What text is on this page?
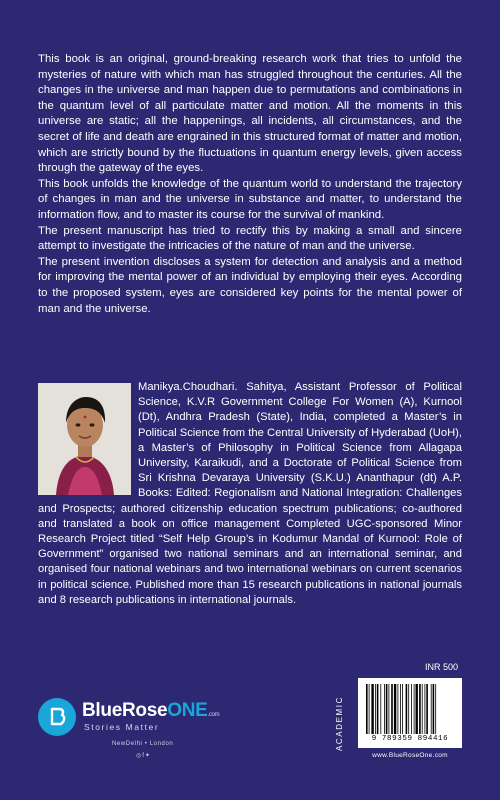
This book is an original, ground-breaking research work that tries to unfold the mysteries of nature with which man has struggled throughout the centuries. All the changes in the universe and man happen due to permutations and combinations in the quantum level of all particulate matter and motion. All the moments in this universe are static; all the happenings, all incidents, all circumstances, and the secret of life and death are engrained in this structured format of matter and motion, which are strictly bound by the fluctuations in quantum energy levels, given access through the gateway of the eyes.

This book unfolds the knowledge of the quantum world to understand the trajectory of changes in man and the universe in substance and matter, to understand the information flow, and to master its course for the survival of mankind.

The present manuscript has tried to rectify this by making a small and sincere attempt to investigate the intricacies of the nature of man and the universe.

The present invention discloses a system for detection and analysis and a method for improving the mental power of an individual by employing their eyes. According to the proposed system, eyes are considered key points for the mental power of man and the universe.

Manikya.Choudhari. Sahitya, Assistant Professor of Political Science, K.V.R Government College For Women (A), Kurnool (Dt), Andhra Pradesh (State), India, completed a Master’s in Political Science from the Central University of Hyderabad (UoH), a Master’s of Philosophy in Political Science from Allagapa University, Karaikudi, and a Doctorate of Political Science from Sri Krishna Devaraya University (S.K.U.) Ananthapur (dt) A.P. Books: Edited: Regionalism and National Integration: Challenges and Prospects; authored citizenship education spectrum publications; co-authored and translated a book on office management Completed UGC-sponsored Minor Research Project titled “Self Help Group’s in Kodumur Mandal of Kurnool: Role of Government” organised two national seminars and an international seminar, and organised four national webinars and two international webinars on current scenarios in political science. Published more than 15 research publications in national journals and 8 research publications in international journals.

BlueRoseONE.com
Stories Matter
NewDelhi • London
◎f✦
INR 500
ACADEMIC	9 789359 894416
www.BlueRoseOne.com
